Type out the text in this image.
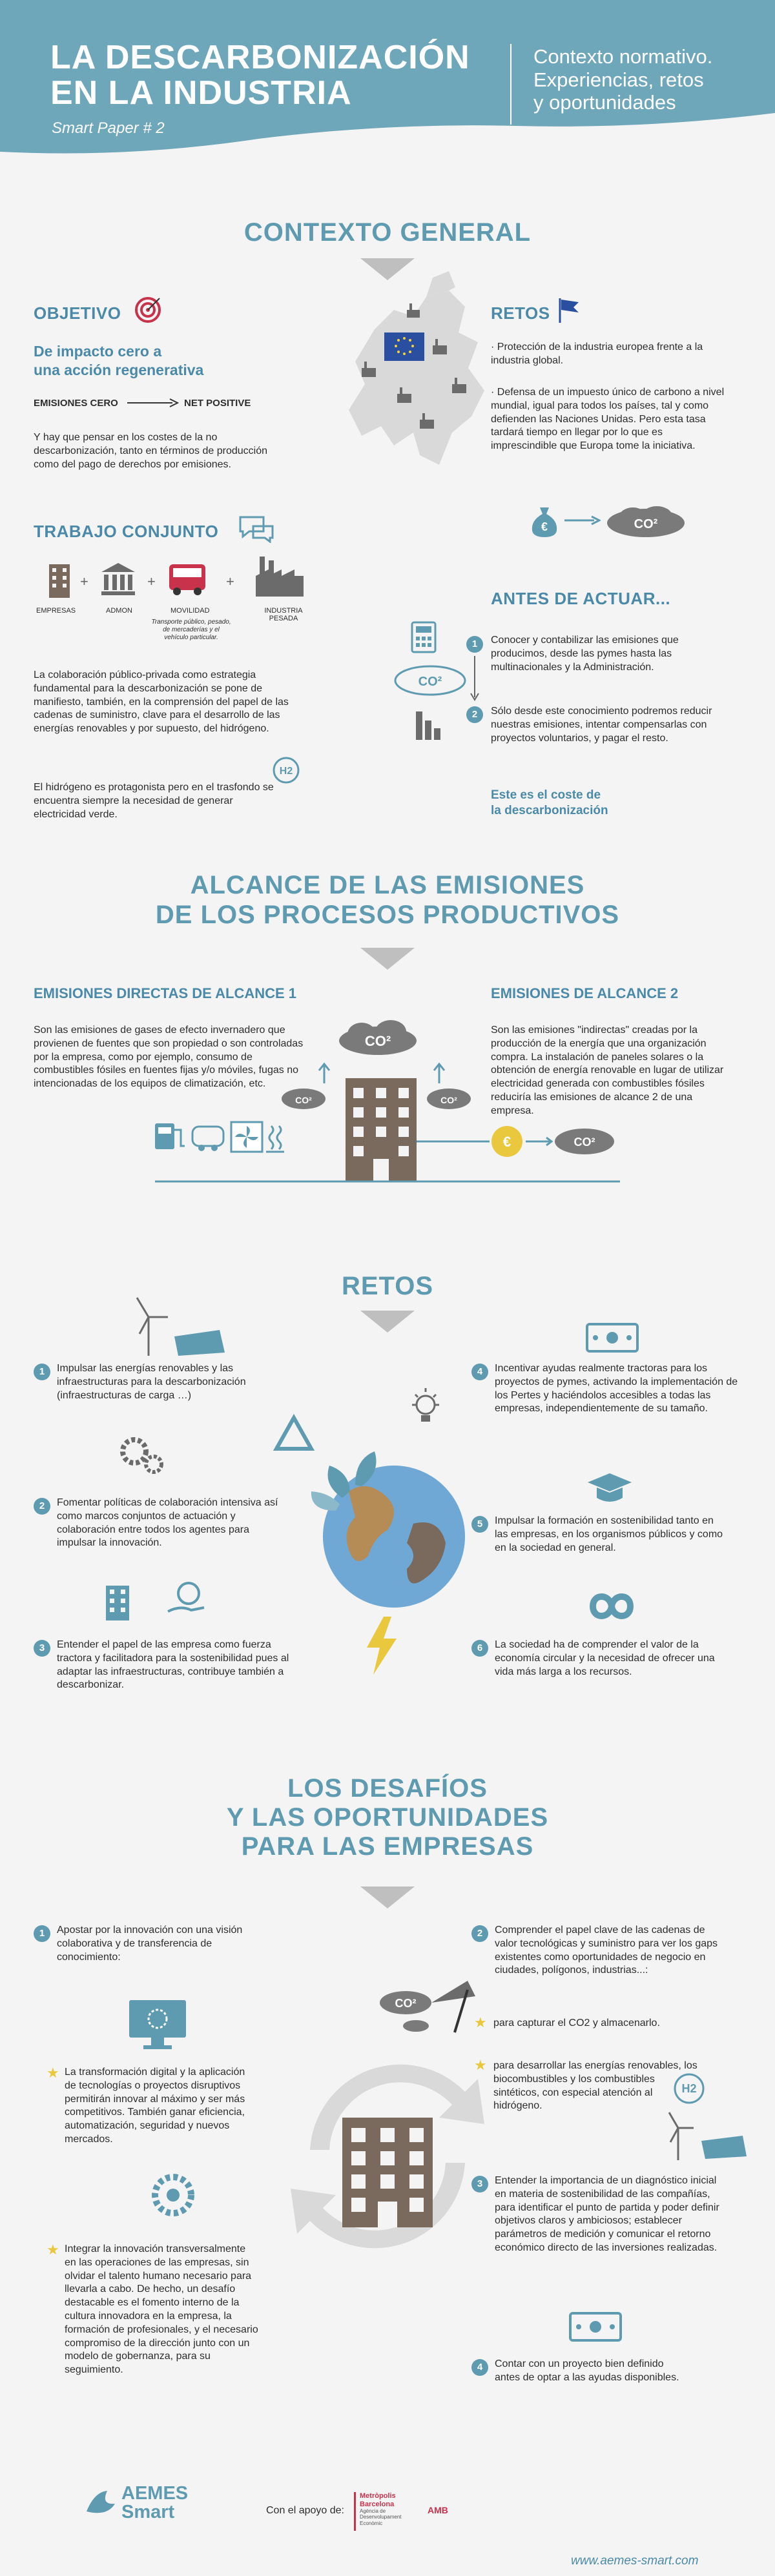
LA DESCARBONIZACIÓN
EN LA INDUSTRIA
Smart Paper # 2
Contexto normativo.
Experiencias, retos
y oportunidades
CONTEXTO GENERAL
OBJETIVO
De impacto cero a
una acción regenerativa
EMISIONES CERO	NET POSITIVE
Y hay que pensar en los costes de la no descarbonización, tanto en términos de producción como del pago de derechos por emisiones.
RETOS
· Protección de la industria europea frente a la industria global.
· Defensa de un impuesto único de carbono a nivel mundial, igual para todos los países, tal y como defienden las Naciones Unidas. Pero esta tasa tardará tiempo en llegar por lo que es imprescindible que Europa tome la iniciativa.
€	CO²
TRABAJO CONJUNTO
+	+	+
EMPRESAS	ADMON	MOVILIDAD	INDUSTRIA PESADA
Transporte público, pesado, de mercaderías y el vehículo particular.
La colaboración público-privada como estrategia fundamental para la descarbonización se pone de manifiesto, también, en la comprensión del papel de las cadenas de suministro, clave para el desarrollo de las energías renovables y por supuesto, del hidrógeno.
El hidrógeno es protagonista pero en el trasfondo se encuentra siempre la necesidad de generar electricidad verde.
H2
ANTES DE ACTUAR...
CO²
1	Conocer y contabilizar las emisiones que producimos, desde las pymes hasta las multinacionales y la Administración.
2	Sólo desde este conocimiento podremos reducir nuestras emisiones, intentar compensarlas con proyectos voluntarios, y pagar el resto.
Este es el coste de
la descarbonización
ALCANCE DE LAS EMISIONES
DE LOS PROCESOS PRODUCTIVOS
EMISIONES DIRECTAS DE ALCANCE 1
Son las emisiones de gases de efecto invernadero que provienen de fuentes que son propiedad o son controladas por la empresa, como por ejemplo, consumo de combustibles fósiles en fuentes fijas y/o móviles, fugas no intencionadas de los equipos de climatización, etc.
EMISIONES DE ALCANCE 2
Son las emisiones "indirectas" creadas por la producción de la energía que una organización compra. La instalación de paneles solares o la obtención de energía renovable en lugar de utilizar electricidad generada con combustibles fósiles reduciría las emisiones de alcance 2 de una empresa.
CO²
CO²	CO²
€	CO²
RETOS
1	Impulsar las energías renovables y las infraestructuras para la descarbonización (infraestructuras de carga …)
2	Fomentar políticas de colaboración intensiva así como marcos conjuntos de actuación y colaboración entre todos los agentes para impulsar la innovación.
3	Entender el papel de las empresa como fuerza tractora y facilitadora para la sostenibilidad pues al adaptar las infraestructuras, contribuye también a descarbonizar.
4	Incentivar ayudas realmente tractoras para los proyectos de pymes, activando la implementación de los Pertes y haciéndolos accesibles a todas las empresas, independientemente de su tamaño.
5	Impulsar la formación en sostenibilidad tanto en las empresas, en los organismos públicos y como en la sociedad en general.
6	La sociedad ha de comprender el valor de la economía circular y la necesidad de ofrecer una vida más larga a los recursos.
LOS DESAFÍOS
Y LAS OPORTUNIDADES
PARA LAS EMPRESAS
1	Apostar por la innovación con una visión colaborativa y de transferencia de conocimiento:
★ La transformación digital y la aplicación de tecnologías o proyectos disruptivos permitirán innovar al máximo y ser más competitivos. También ganar eficiencia, automatización, seguridad y nuevos mercados.
★ Integrar la innovación transversalmente en las operaciones de las empresas, sin olvidar el talento humano necesario para llevarla a cabo. De hecho, un desafío destacable es el fomento interno de la cultura innovadora en la empresa, la formación de profesionales, y el necesario compromiso de la dirección junto con un modelo de gobernanza, para su seguimiento.
2	Comprender el papel clave de las cadenas de valor tecnológicas y suministro para ver los gaps existentes como oportunidades de negocio en ciudades, polígonos, industrias...:
CO²
★ para capturar el CO2 y almacenarlo.
★ para desarrollar las energías renovables, los biocombustibles y los combustibles sintéticos, con especial atención al hidrógeno.
H2
3	Entender la importancia de un diagnóstico inicial en materia de sostenibilidad de las compañías, para identificar el punto de partida y poder definir objetivos claros y ambiciosos; establecer parámetros de medición y comunicar el retorno económico directo de las inversiones realizadas.
4	Contar con un proyecto bien definido antes de optar a las ayudas disponibles.
AEMES
Smart	Con el apoyo de:
Metròpolis
Barcelona
Agència de Desenvolupament Econòmic
AMB
www.aemes-smart.com
